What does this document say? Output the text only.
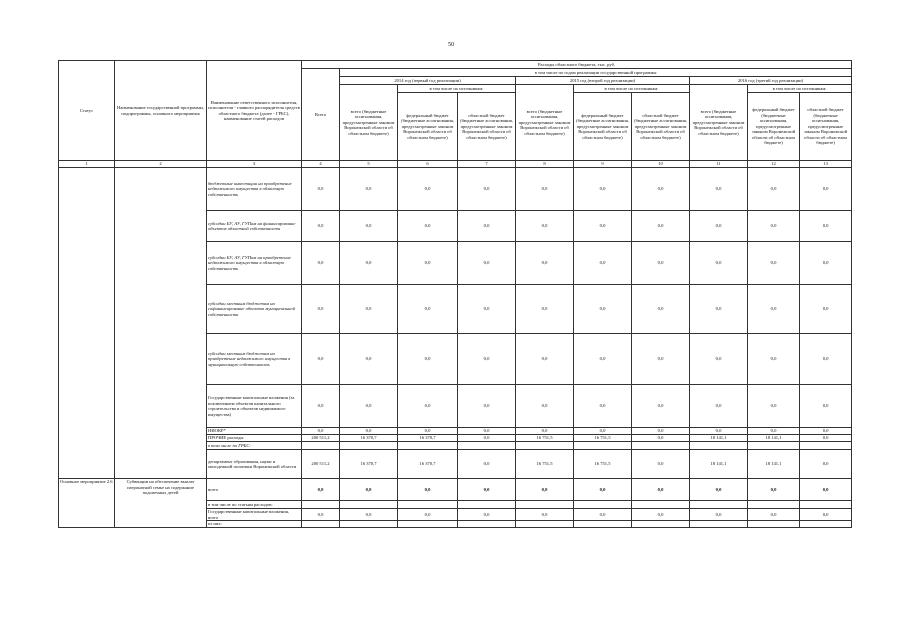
50
Статус	Наименование государственной программы, подпрограммы, основного мероприятия	Наименование ответственного исполнителя, исполнителя - главного распорядителя средств областного бюджета (далее - ГРБС), наименование статей расходов	Расходы областного бюджета, тыс. руб.									
			Всего	в том числе по годам реализации государственной программы								
				2014 год (первый год реализации)			2015 год (второй год реализации)			2016 год (третий год реализации)		
				всего (бюджетные ассигнования, предусмотренные законом Воронежской области об областном бюджете)	в том числе по источникам:		всего (бюджетные ассигнования, предусмотренные законом Воронежской области об областном бюджете)	в том числе по источникам:		всего (бюджетные ассигнования, предусмотренные законом Воронежской области об областном бюджете)	в том числе по источникам:	
					федеральный бюджет (бюджетные ассигнования, предусмотренные законом Воронежской области об областном бюджете)	областной бюджет (бюджетные ассигнования, предусмотренные законом Воронежской области об областном бюджете)		федеральный бюджет (бюджетные ассигнования, предусмотренные законом Воронежской области об областном бюджете)	областной бюджет (бюджетные ассигнования, предусмотренные законом Воронежской области об областном бюджете)		федеральный бюджет (бюджетные ассигнования, предусмотренные законом Воронежской области об областном бюджете)	областной бюджет (бюджетные ассигнования, предусмотренные законом Воронежской области об областном бюджете)
1	2	3	4	5	6	7	8	9	10	11	12	13
		бюджетные инвестиции на приобретение недвижимого имущества в областную собственность	0,0	0,0	0,0	0,0	0,0	0,0	0,0	0,0	0,0	0,0
		субсидии БУ, АУ, ГУПам на финансирование объектов областной собственности	0,0	0,0	0,0	0,0	0,0	0,0	0,0	0,0	0,0	0,0
		субсидии БУ, АУ, ГУПам на приобретение недвижимого имущества в областную собственность	0,0	0,0	0,0	0,0	0,0	0,0	0,0	0,0	0,0	0,0
		субсидии местным бюджетам на софинансирование объектов муниципальной собственности	0,0	0,0	0,0	0,0	0,0	0,0	0,0	0,0	0,0	0,0
		субсидии местным бюджетам на приобретение недвижимого имущества в муниципальную собственность	0,0	0,0	0,0	0,0	0,0	0,0	0,0	0,0	0,0	0,0
		Государственные капитальные вложения (за исключением объектов капитального строительства и объектов недвижимого имущества)	0,0	0,0	0,0	0,0	0,0	0,0	0,0	0,0	0,0	0,0
		НИОКР*	0,0	0,0	0,0	0,0	0,0	0,0	0,0	0,0	0,0	0,0
		ПРОЧИЕ расходы	200 511,2	16 370,7	16 370,7	0,0	16 751,5	16 751,5	0,0	18 141,1	18 141,1	0,0
		в том числе по ГРБС:										
		департамент образования, науки и молодежной политики Воронежской области	200 511,2	16 370,7	16 370,7	0,0	16 751,5	16 751,5	0,0	18 141,1	18 141,1	0,0
Основное мероприятие 2.6	Субвенции на обеспечение выплат патронатной семье на содержание подопечных детей	всего	0,0	0,0	0,0	0,0	0,0	0,0	0,0	0,0	0,0	0,0
		в том числе по статьям расходов:										
		Государственные капитальные вложения, всего	0,0	0,0	0,0	0,0	0,0	0,0	0,0	0,0	0,0	0,0
		из них:										
